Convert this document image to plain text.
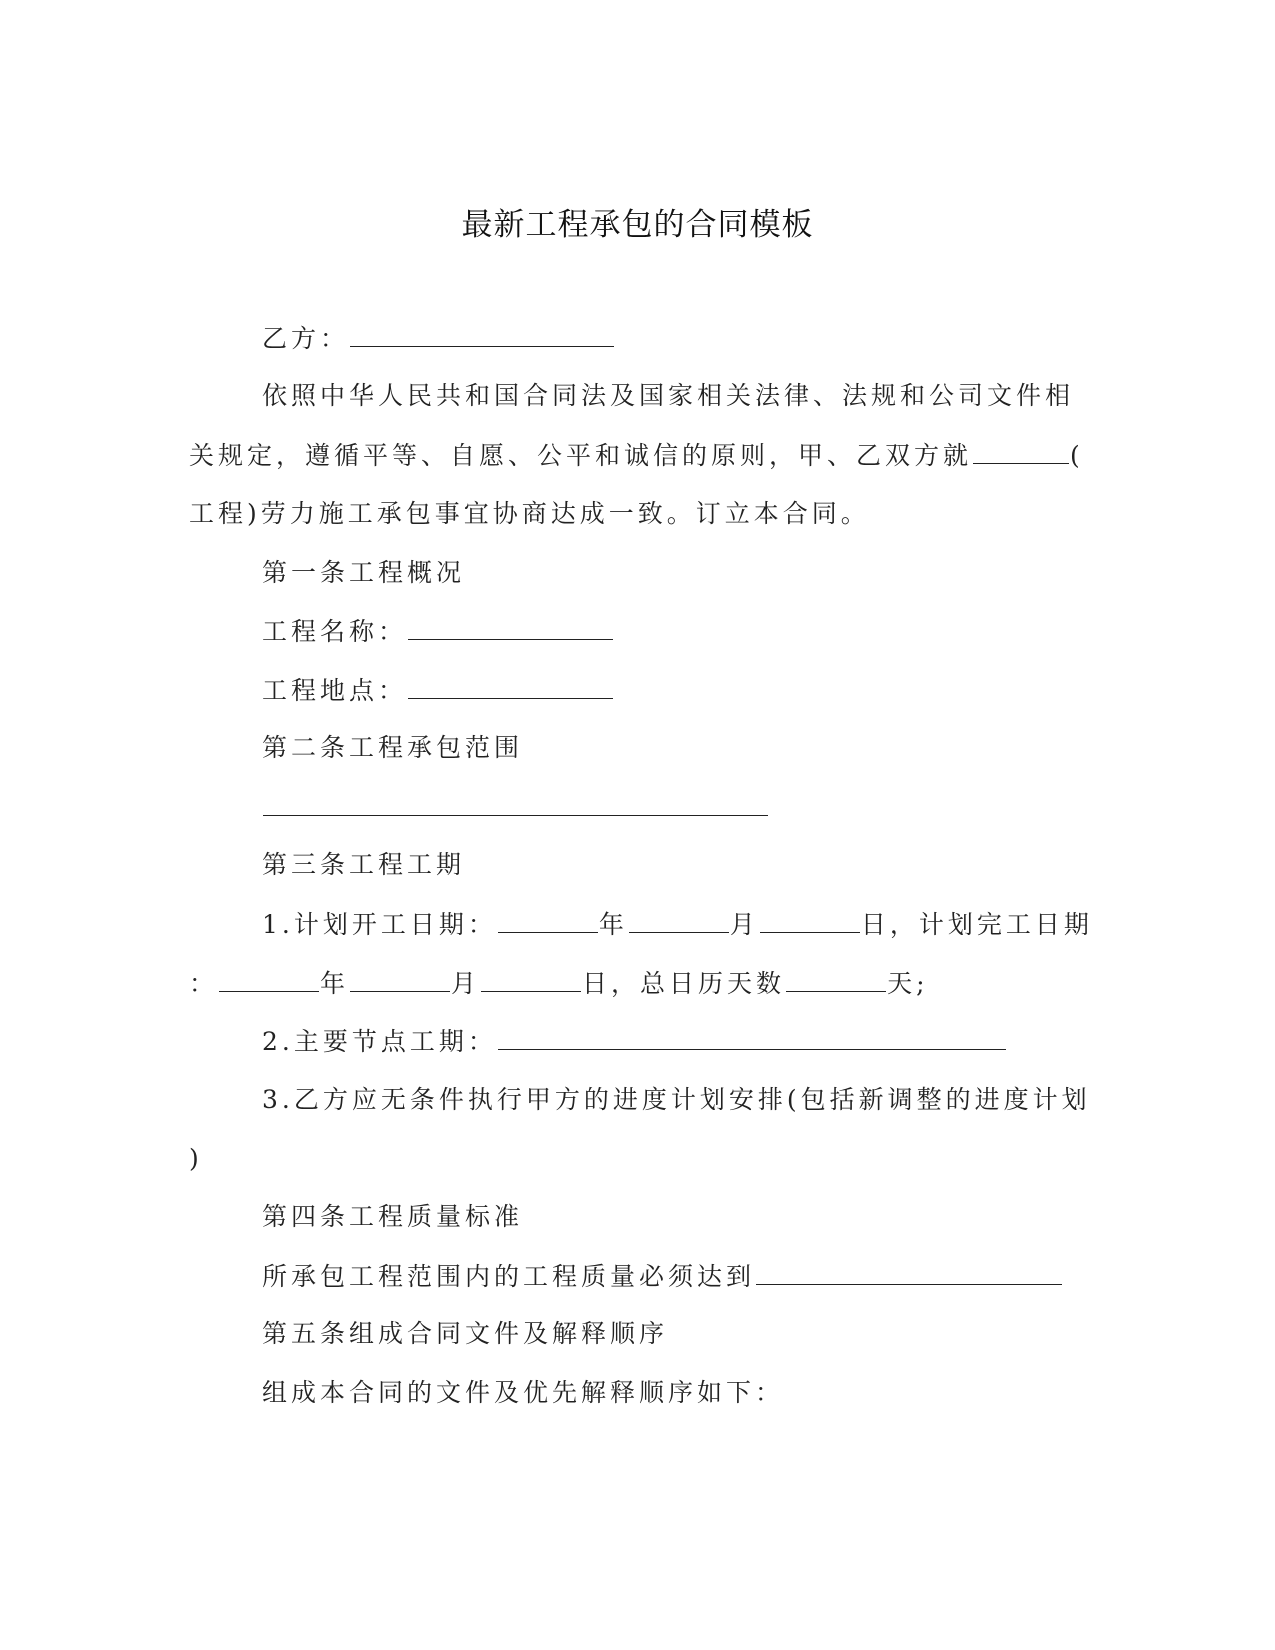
最新工程承包的合同模板
乙方：
依照中华人民共和国合同法及国家相关法律、法规和公司文件相
关规定，遵循平等、自愿、公平和诚信的原则，甲、乙双方就	(
工程)劳力施工承包事宜协商达成一致。订立本合同。
第一条工程概况
工程名称：
工程地点：
第二条工程承包范围
第三条工程工期
1.计划开工日期：	年	月	日，计划完工日期
：	年	月	日，总日历天数	天;
2.主要节点工期：
3.乙方应无条件执行甲方的进度计划安排(包括新调整的进度计划
)
第四条工程质量标准
所承包工程范围内的工程质量必须达到
第五条组成合同文件及解释顺序
组成本合同的文件及优先解释顺序如下：
